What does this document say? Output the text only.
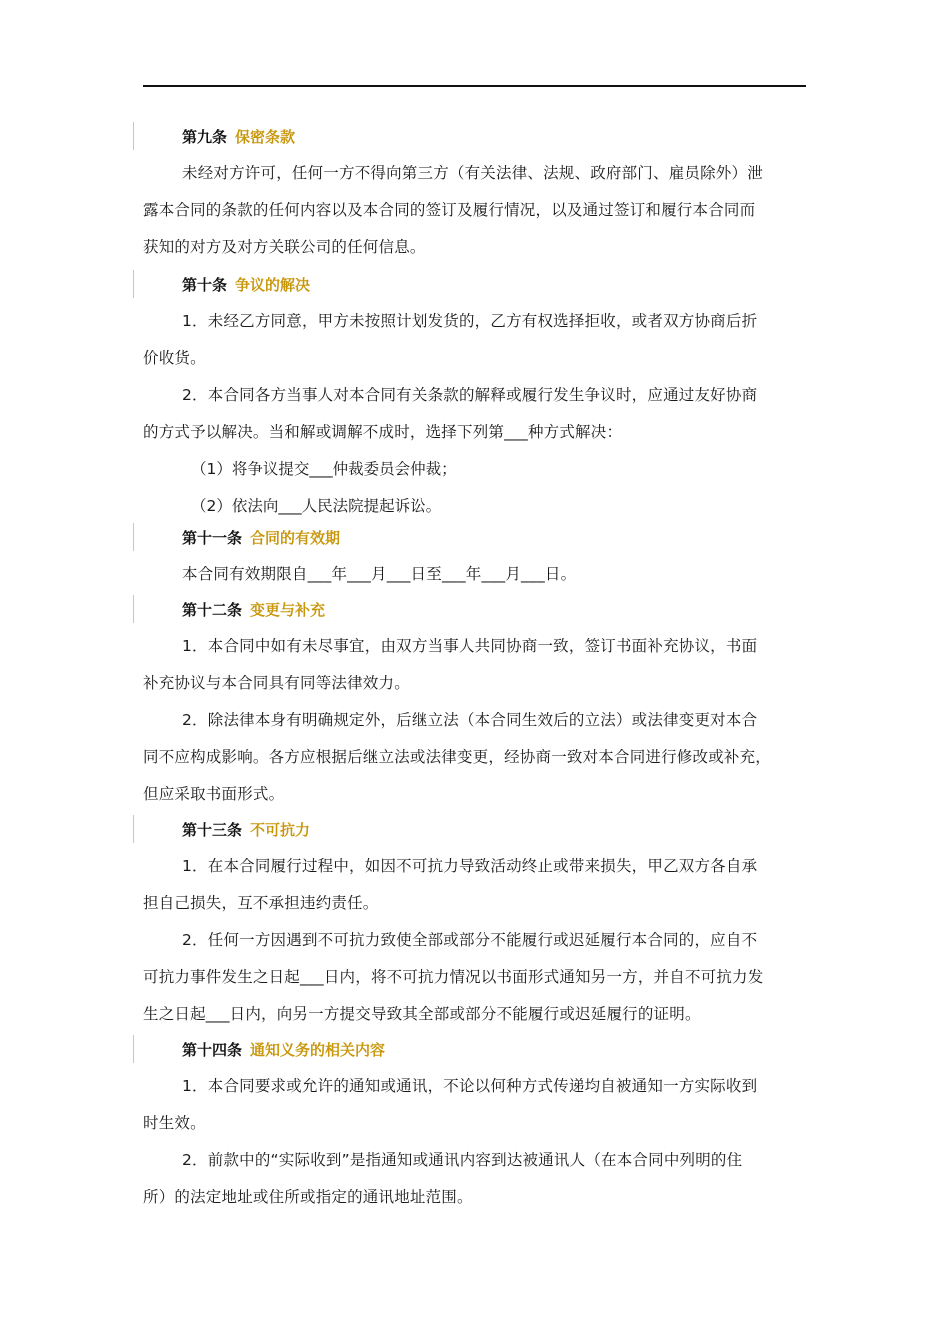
第九条 保密条款

未经对方许可，任何一方不得向第三方（有关法律、法规、政府部门、雇员除外）泄
露本合同的条款的任何内容以及本合同的签订及履行情况，以及通过签订和履行本合同而
获知的对方及对方关联公司的任何信息。

第十条 争议的解决

1．未经乙方同意，甲方未按照计划发货的，乙方有权选择拒收，或者双方协商后折
价收货。

2．本合同各方当事人对本合同有关条款的解释或履行发生争议时，应通过友好协商
的方式予以解决。当和解或调解不成时，选择下列第___种方式解决：

（1）将争议提交___仲裁委员会仲裁；

（2）依法向___人民法院提起诉讼。

第十一条 合同的有效期

本合同有效期限自___年___月___日至___年___月___日。

第十二条 变更与补充

1．本合同中如有未尽事宜，由双方当事人共同协商一致，签订书面补充协议，书面
补充协议与本合同具有同等法律效力。

2．除法律本身有明确规定外，后继立法（本合同生效后的立法）或法律变更对本合
同不应构成影响。各方应根据后继立法或法律变更，经协商一致对本合同进行修改或补充，
但应采取书面形式。

第十三条 不可抗力

1．在本合同履行过程中，如因不可抗力导致活动终止或带来损失，甲乙双方各自承
担自己损失，互不承担违约责任。

2．任何一方因遇到不可抗力致使全部或部分不能履行或迟延履行本合同的，应自不
可抗力事件发生之日起___日内，将不可抗力情况以书面形式通知另一方，并自不可抗力发
生之日起___日内，向另一方提交导致其全部或部分不能履行或迟延履行的证明。

第十四条 通知义务的相关内容

1．本合同要求或允许的通知或通讯，不论以何种方式传递均自被通知一方实际收到
时生效。

2．前款中的“实际收到”是指通知或通讯内容到达被通讯人（在本合同中列明的住
所）的法定地址或住所或指定的通讯地址范围。
